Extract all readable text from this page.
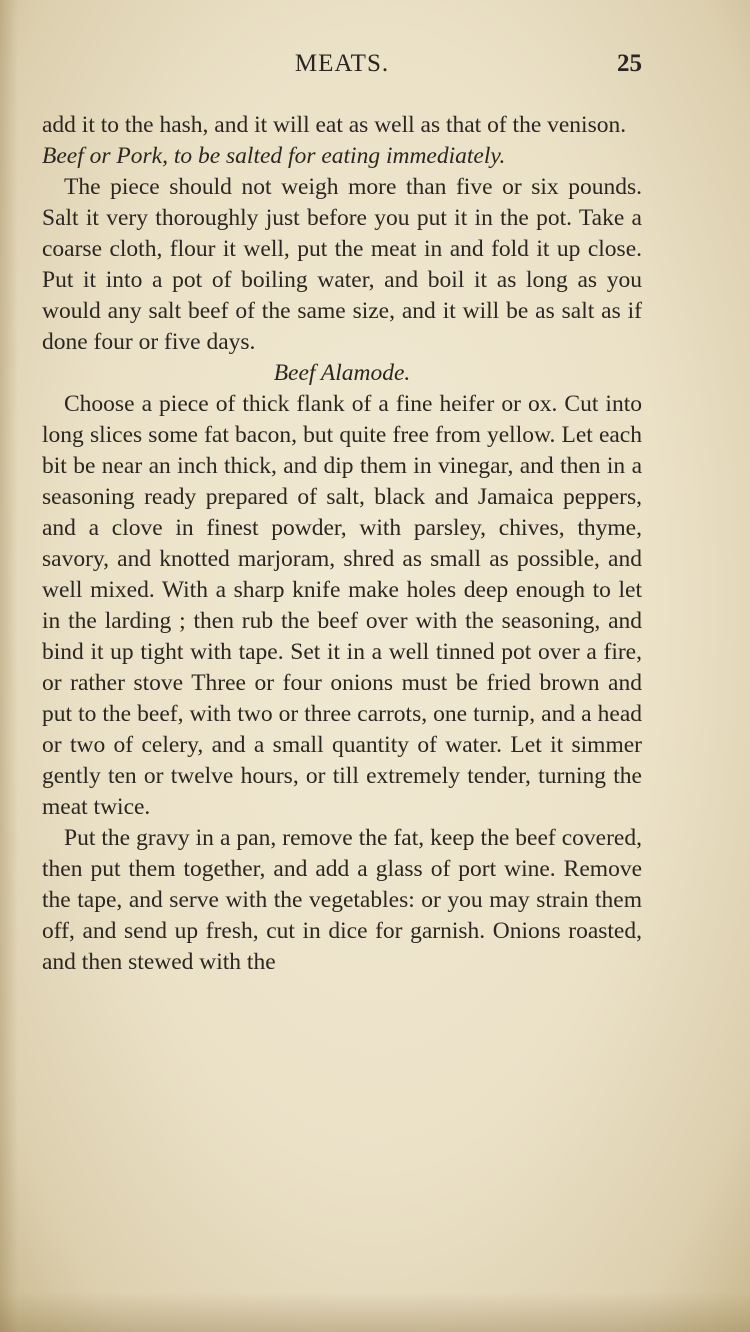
MEATS.	25

add it to the hash, and it will eat as well as that of the venison.

Beef or Pork, to be salted for eating immediately.

The piece should not weigh more than five or six pounds. Salt it very thoroughly just before you put it in the pot. Take a coarse cloth, flour it well, put the meat in and fold it up close. Put it into a pot of boiling water, and boil it as long as you would any salt beef of the same size, and it will be as salt as if done four or five days.

Beef Alamode.

Choose a piece of thick flank of a fine heifer or ox. Cut into long slices some fat bacon, but quite free from yellow. Let each bit be near an inch thick, and dip them in vinegar, and then in a seasoning ready prepared of salt, black and Jamaica peppers, and a clove in finest powder, with parsley, chives, thyme, savory, and knotted marjoram, shred as small as possible, and well mixed. With a sharp knife make holes deep enough to let in the larding ; then rub the beef over with the seasoning, and bind it up tight with tape. Set it in a well tinned pot over a fire, or rather stove Three or four onions must be fried brown and put to the beef, with two or three carrots, one turnip, and a head or two of celery, and a small quantity of water. Let it simmer gently ten or twelve hours, or till extremely tender, turning the meat twice.

Put the gravy in a pan, remove the fat, keep the beef covered, then put them together, and add a glass of port wine. Remove the tape, and serve with the vegetables: or you may strain them off, and send up fresh, cut in dice for garnish. Onions roasted, and then stewed with the
